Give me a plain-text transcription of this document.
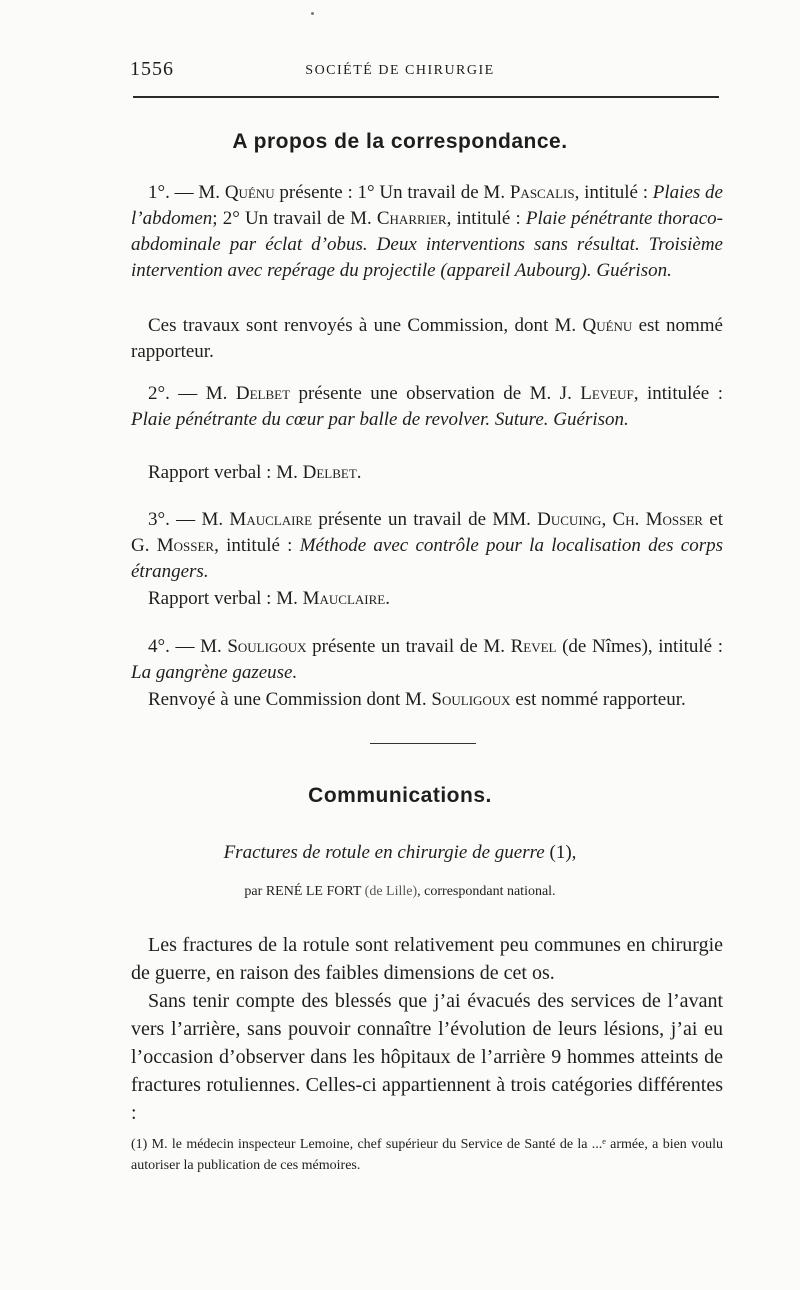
1556	SOCIÉTÉ DE CHIRURGIE
A propos de la correspondance.

1°. — M. Quénu présente : 1° Un travail de M. Pascalis, intitulé : Plaies de l’abdomen; 2° Un travail de M. Charrier, intitulé : Plaie pénétrante thoraco-abdominale par éclat d’obus. Deux interventions sans résultat. Troisième intervention avec repérage du projectile (appareil Aubourg). Guérison.

Ces travaux sont renvoyés à une Commission, dont M. Quénu est nommé rapporteur.

2°. — M. Delbet présente une observation de M. J. Leveuf, intitulée : Plaie pénétrante du cœur par balle de revolver. Suture. Guérison.

Rapport verbal : M. Delbet.

3°. — M. Mauclaire présente un travail de MM. Ducuing, Ch. Mosser et G. Mosser, intitulé : Méthode avec contrôle pour la localisation des corps étrangers.

Rapport verbal : M. Mauclaire.

4°. — M. Souligoux présente un travail de M. Revel (de Nîmes), intitulé : La gangrène gazeuse.

Renvoyé à une Commission dont M. Souligoux est nommé rapporteur.

Communications.
Fractures de rotule en chirurgie de guerre (1),
par RENÉ LE FORT (de Lille), correspondant national.

Les fractures de la rotule sont relativement peu communes en chirurgie de guerre, en raison des faibles dimensions de cet os.

Sans tenir compte des blessés que j’ai évacués des services de l’avant vers l’arrière, sans pouvoir connaître l’évolution de leurs lésions, j’ai eu l’occasion d’observer dans les hôpitaux de l’arrière 9 hommes atteints de fractures rotuliennes. Celles-ci appartiennent à trois catégories différentes :

(1) M. le médecin inspecteur Lemoine, chef supérieur du Service de Santé de la ...ᵉ armée, a bien voulu autoriser la publication de ces mémoires.
